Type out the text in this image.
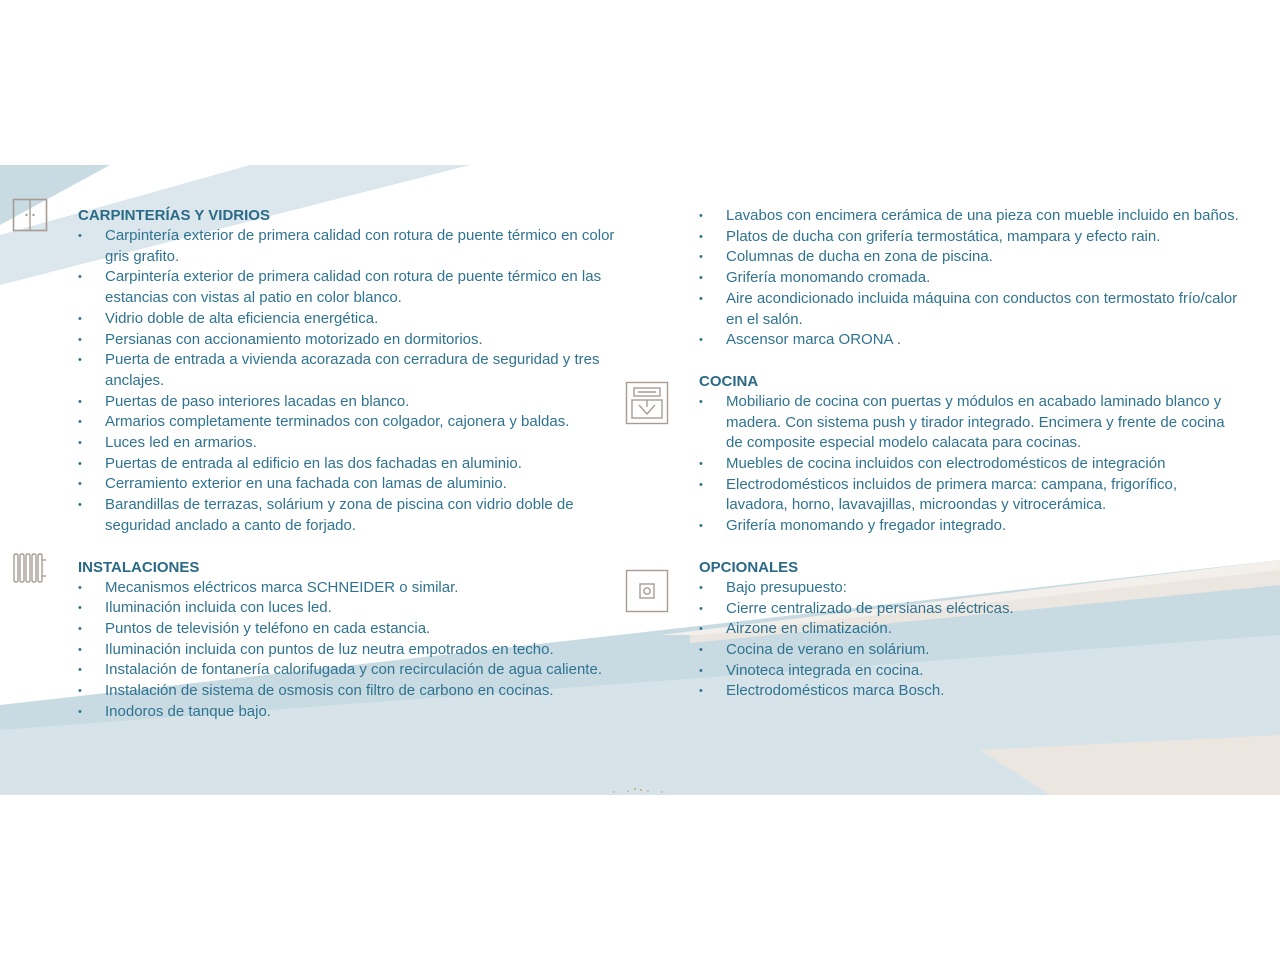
CARPINTERÍAS Y VIDRIOS
• Carpintería exterior de primera calidad con rotura de puente térmico en color gris grafito.
• Carpintería exterior de primera calidad con rotura de puente térmico en las estancias con vistas al patio en color blanco.
• Vidrio doble de alta eficiencia energética.
• Persianas con accionamiento motorizado en dormitorios.
• Puerta de entrada a vivienda acorazada con cerradura de seguridad y tres anclajes.
• Puertas de paso interiores lacadas en blanco.
• Armarios completamente terminados con colgador, cajonera y baldas.
• Luces led en armarios.
• Puertas de entrada al edificio en las dos fachadas en aluminio.
• Cerramiento exterior en una fachada con lamas de aluminio.
• Barandillas de terrazas, solárium y zona de piscina con vidrio doble de seguridad anclado a canto de forjado.
INSTALACIONES
• Mecanismos eléctricos marca SCHNEIDER o similar.
• Iluminación incluida con luces led.
• Puntos de televisión y teléfono en cada estancia.
• Iluminación incluida con puntos de luz neutra empotrados en techo.
• Instalación de fontanería calorifugada y con recirculación de agua caliente.
• Instalación de sistema de osmosis con filtro de carbono en cocinas.
• Inodoros de tanque bajo.
• Lavabos con encimera cerámica de una pieza con mueble incluido en baños.
• Platos de ducha con grifería termostática, mampara y efecto rain.
• Columnas de ducha en zona de piscina.
• Grifería monomando cromada.
• Aire acondicionado incluida máquina con conductos con termostato frío/calor en el salón.
• Ascensor marca ORONA .
COCINA
• Mobiliario de cocina con puertas y módulos en acabado laminado blanco y madera. Con sistema push y tirador integrado. Encimera y frente de cocina de composite especial modelo calacata para cocinas.
• Muebles de cocina incluidos con electrodomésticos de integración
• Electrodomésticos incluidos de primera marca: campana, frigorífico, lavadora, horno, lavavajillas, microondas y vitrocerámica.
• Grifería monomando y fregador integrado.
OPCIONALES
• Bajo presupuesto:
• Cierre centralizado de persianas eléctricas.
• Airzone en climatización.
• Cocina de verano en solárium.
• Vinoteca integrada en cocina.
• Electrodomésticos marca Bosch.
